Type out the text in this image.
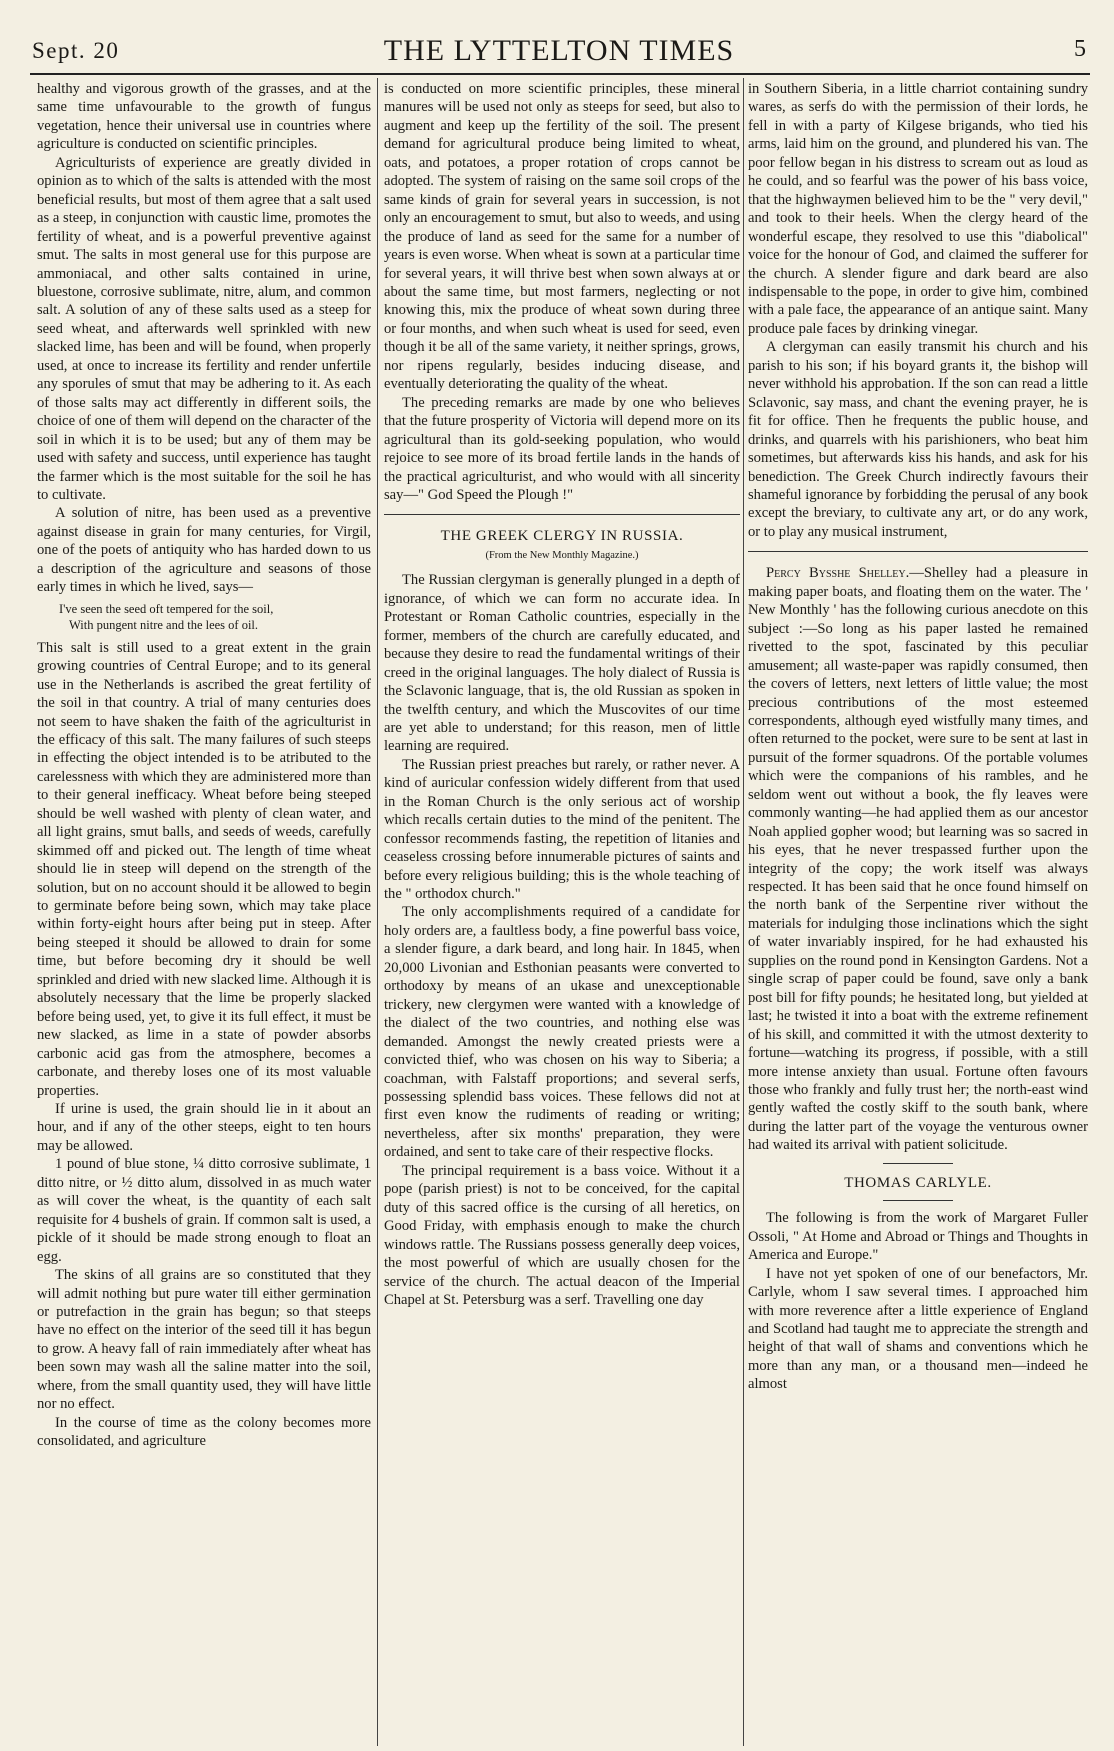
Sept. 20	THE LYTTELTON TIMES	5

healthy and vigorous growth of the grasses, and at the same time unfavourable to the growth of fungus vegetation, hence their universal use in countries where agriculture is conducted on scientific principles.

Agriculturists of experience are greatly divided in opinion as to which of the salts is attended with the most beneficial results, but most of them agree that a salt used as a steep, in conjunction with caustic lime, promotes the fertility of wheat, and is a powerful preventive against smut. The salts in most general use for this purpose are ammoniacal, and other salts contained in urine, bluestone, corrosive sublimate, nitre, alum, and common salt. A solution of any of these salts used as a steep for seed wheat, and afterwards well sprinkled with new slacked lime, has been and will be found, when properly used, at once to increase its fertility and render unfertile any sporules of smut that may be adhering to it. As each of those salts may act differently in different soils, the choice of one of them will depend on the character of the soil in which it is to be used; but any of them may be used with safety and success, until experience has taught the farmer which is the most suitable for the soil he has to cultivate.

A solution of nitre, has been used as a preventive against disease in grain for many centuries, for Virgil, one of the poets of antiquity who has harded down to us a description of the agriculture and seasons of those early times in which he lived, says—

I've seen the seed oft tempered for the soil,
With pungent nitre and the lees of oil.

This salt is still used to a great extent in the grain growing countries of Central Europe; and to its general use in the Netherlands is ascribed the great fertility of the soil in that country. A trial of many centuries does not seem to have shaken the faith of the agriculturist in the efficacy of this salt. The many failures of such steeps in effecting the object intended is to be atributed to the carelessness with which they are administered more than to their general inefficacy. Wheat before being steeped should be well washed with plenty of clean water, and all light grains, smut balls, and seeds of weeds, carefully skimmed off and picked out. The length of time wheat should lie in steep will depend on the strength of the solution, but on no account should it be allowed to begin to germinate before being sown, which may take place within forty-eight hours after being put in steep. After being steeped it should be allowed to drain for some time, but before becoming dry it should be well sprinkled and dried with new slacked lime. Although it is absolutely necessary that the lime be properly slacked before being used, yet, to give it its full effect, it must be new slacked, as lime in a state of powder absorbs carbonic acid gas from the atmosphere, becomes a carbonate, and thereby loses one of its most valuable properties.

If urine is used, the grain should lie in it about an hour, and if any of the other steeps, eight to ten hours may be allowed.

1 pound of blue stone, ¼ ditto corrosive sublimate, 1 ditto nitre, or ½ ditto alum, dissolved in as much water as will cover the wheat, is the quantity of each salt requisite for 4 bushels of grain. If common salt is used, a pickle of it should be made strong enough to float an egg.

The skins of all grains are so constituted that they will admit nothing but pure water till either germination or putrefaction in the grain has begun; so that steeps have no effect on the interior of the seed till it has begun to grow. A heavy fall of rain immediately after wheat has been sown may wash all the saline matter into the soil, where, from the small quantity used, they will have little nor no effect.

In the course of time as the colony becomes more consolidated, and agriculture

is conducted on more scientific principles, these mineral manures will be used not only as steeps for seed, but also to augment and keep up the fertility of the soil. The present demand for agricultural produce being limited to wheat, oats, and potatoes, a proper rotation of crops cannot be adopted. The system of raising on the same soil crops of the same kinds of grain for several years in succession, is not only an encouragement to smut, but also to weeds, and using the produce of land as seed for the same for a number of years is even worse. When wheat is sown at a particular time for several years, it will thrive best when sown always at or about the same time, but most farmers, neglecting or not knowing this, mix the produce of wheat sown during three or four months, and when such wheat is used for seed, even though it be all of the same variety, it neither springs, grows, nor ripens regularly, besides inducing disease, and eventually deteriorating the quality of the wheat.

The preceding remarks are made by one who believes that the future prosperity of Victoria will depend more on its agricultural than its gold-seeking population, who would rejoice to see more of its broad fertile lands in the hands of the practical agriculturist, and who would with all sincerity say—" God Speed the Plough !"

THE GREEK CLERGY IN RUSSIA.
(From the New Monthly Magazine.)

The Russian clergyman is generally plunged in a depth of ignorance, of which we can form no accurate idea. In Protestant or Roman Catholic countries, especially in the former, members of the church are carefully educated, and because they desire to read the fundamental writings of their creed in the original languages. The holy dialect of Russia is the Sclavonic language, that is, the old Russian as spoken in the twelfth century, and which the Muscovites of our time are yet able to understand; for this reason, men of little learning are required.

The Russian priest preaches but rarely, or rather never. A kind of auricular confession widely different from that used in the Roman Church is the only serious act of worship which recalls certain duties to the mind of the penitent. The confessor recommends fasting, the repetition of litanies and ceaseless crossing before innumerable pictures of saints and before every religious building; this is the whole teaching of the " orthodox church."

The only accomplishments required of a candidate for holy orders are, a faultless body, a fine powerful bass voice, a slender figure, a dark beard, and long hair. In 1845, when 20,000 Livonian and Esthonian peasants were converted to orthodoxy by means of an ukase and unexceptionable trickery, new clergymen were wanted with a knowledge of the dialect of the two countries, and nothing else was demanded. Amongst the newly created priests were a convicted thief, who was chosen on his way to Siberia; a coachman, with Falstaff proportions; and several serfs, possessing splendid bass voices. These fellows did not at first even know the rudiments of reading or writing; nevertheless, after six months' preparation, they were ordained, and sent to take care of their respective flocks.

The principal requirement is a bass voice. Without it a pope (parish priest) is not to be conceived, for the capital duty of this sacred office is the cursing of all heretics, on Good Friday, with emphasis enough to make the church windows rattle. The Russians possess generally deep voices, the most powerful of which are usually chosen for the service of the church. The actual deacon of the Imperial Chapel at St. Petersburg was a serf. Travelling one day

in Southern Siberia, in a little charriot containing sundry wares, as serfs do with the permission of their lords, he fell in with a party of Kilgese brigands, who tied his arms, laid him on the ground, and plundered his van. The poor fellow began in his distress to scream out as loud as he could, and so fearful was the power of his bass voice, that the highwaymen believed him to be the " very devil," and took to their heels. When the clergy heard of the wonderful escape, they resolved to use this "diabolical" voice for the honour of God, and claimed the sufferer for the church. A slender figure and dark beard are also indispensable to the pope, in order to give him, combined with a pale face, the appearance of an antique saint. Many produce pale faces by drinking vinegar.

A clergyman can easily transmit his church and his parish to his son; if his boyard grants it, the bishop will never withhold his approbation. If the son can read a little Sclavonic, say mass, and chant the evening prayer, he is fit for office. Then he frequents the public house, and drinks, and quarrels with his parishioners, who beat him sometimes, but afterwards kiss his hands, and ask for his benediction. The Greek Church indirectly favours their shameful ignorance by forbidding the perusal of any book except the breviary, to cultivate any art, or do any work, or to play any musical instrument,

Percy Bysshe Shelley.—Shelley had a pleasure in making paper boats, and floating them on the water. The ' New Monthly ' has the following curious anecdote on this subject :—So long as his paper lasted he remained rivetted to the spot, fascinated by this peculiar amusement; all waste-paper was rapidly consumed, then the covers of letters, next letters of little value; the most precious contributions of the most esteemed correspondents, although eyed wistfully many times, and often returned to the pocket, were sure to be sent at last in pursuit of the former squadrons. Of the portable volumes which were the companions of his rambles, and he seldom went out without a book, the fly leaves were commonly wanting—he had applied them as our ancestor Noah applied gopher wood; but learning was so sacred in his eyes, that he never trespassed further upon the integrity of the copy; the work itself was always respected. It has been said that he once found himself on the north bank of the Serpentine river without the materials for indulging those inclinations which the sight of water invariably inspired, for he had exhausted his supplies on the round pond in Kensington Gardens. Not a single scrap of paper could be found, save only a bank post bill for fifty pounds; he hesitated long, but yielded at last; he twisted it into a boat with the extreme refinement of his skill, and committed it with the utmost dexterity to fortune—watching its progress, if possible, with a still more intense anxiety than usual. Fortune often favours those who frankly and fully trust her; the north-east wind gently wafted the costly skiff to the south bank, where during the latter part of the voyage the venturous owner had waited its arrival with patient solicitude.

THOMAS CARLYLE.

The following is from the work of Margaret Fuller Ossoli, " At Home and Abroad or Things and Thoughts in America and Europe."

I have not yet spoken of one of our benefactors, Mr. Carlyle, whom I saw several times. I approached him with more reverence after a little experience of England and Scotland had taught me to appreciate the strength and height of that wall of shams and conventions which he more than any man, or a thousand men—indeed he almost
